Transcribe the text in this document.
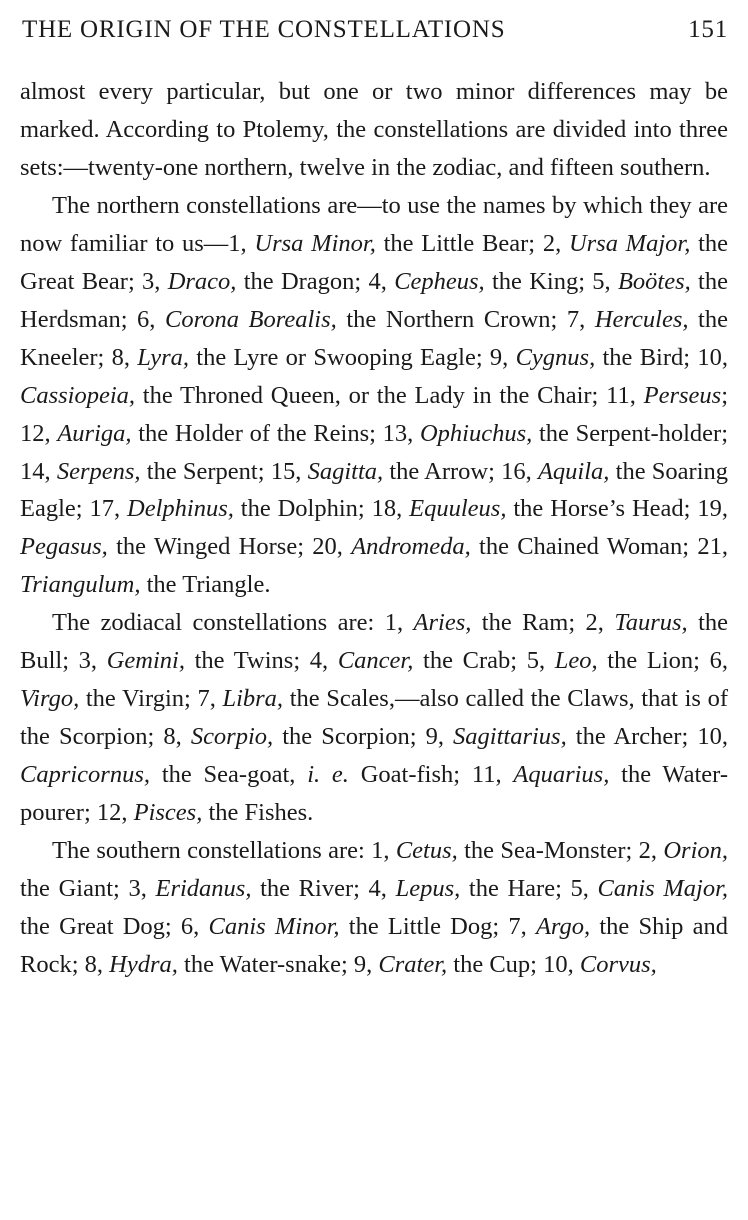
THE ORIGIN OF THE CONSTELLATIONS	151

almost every particular, but one or two minor differences may be marked. According to Ptolemy, the constellations are divided into three sets:—twenty-one northern, twelve in the zodiac, and fifteen southern.

The northern constellations are—to use the names by which they are now familiar to us—1, Ursa Minor, the Little Bear; 2, Ursa Major, the Great Bear; 3, Draco, the Dragon; 4, Cepheus, the King; 5, Boötes, the Herdsman; 6, Corona Borealis, the Northern Crown; 7, Hercules, the Kneeler; 8, Lyra, the Lyre or Swooping Eagle; 9, Cygnus, the Bird; 10, Cassiopeia, the Throned Queen, or the Lady in the Chair; 11, Perseus; 12, Auriga, the Holder of the Reins; 13, Ophiuchus, the Serpent-holder; 14, Serpens, the Serpent; 15, Sagitta, the Arrow; 16, Aquila, the Soaring Eagle; 17, Delphinus, the Dolphin; 18, Equuleus, the Horse’s Head; 19, Pegasus, the Winged Horse; 20, Andromeda, the Chained Woman; 21, Triangulum, the Triangle.

The zodiacal constellations are: 1, Aries, the Ram; 2, Taurus, the Bull; 3, Gemini, the Twins; 4, Cancer, the Crab; 5, Leo, the Lion; 6, Virgo, the Virgin; 7, Libra, the Scales,—also called the Claws, that is of the Scorpion; 8, Scorpio, the Scorpion; 9, Sagittarius, the Archer; 10, Capricornus, the Sea-goat, i. e. Goat-fish; 11, Aquarius, the Water-pourer; 12, Pisces, the Fishes.

The southern constellations are: 1, Cetus, the Sea-Monster; 2, Orion, the Giant; 3, Eridanus, the River; 4, Lepus, the Hare; 5, Canis Major, the Great Dog; 6, Canis Minor, the Little Dog; 7, Argo, the Ship and Rock; 8, Hydra, the Water-snake; 9, Crater, the Cup; 10, Corvus,
